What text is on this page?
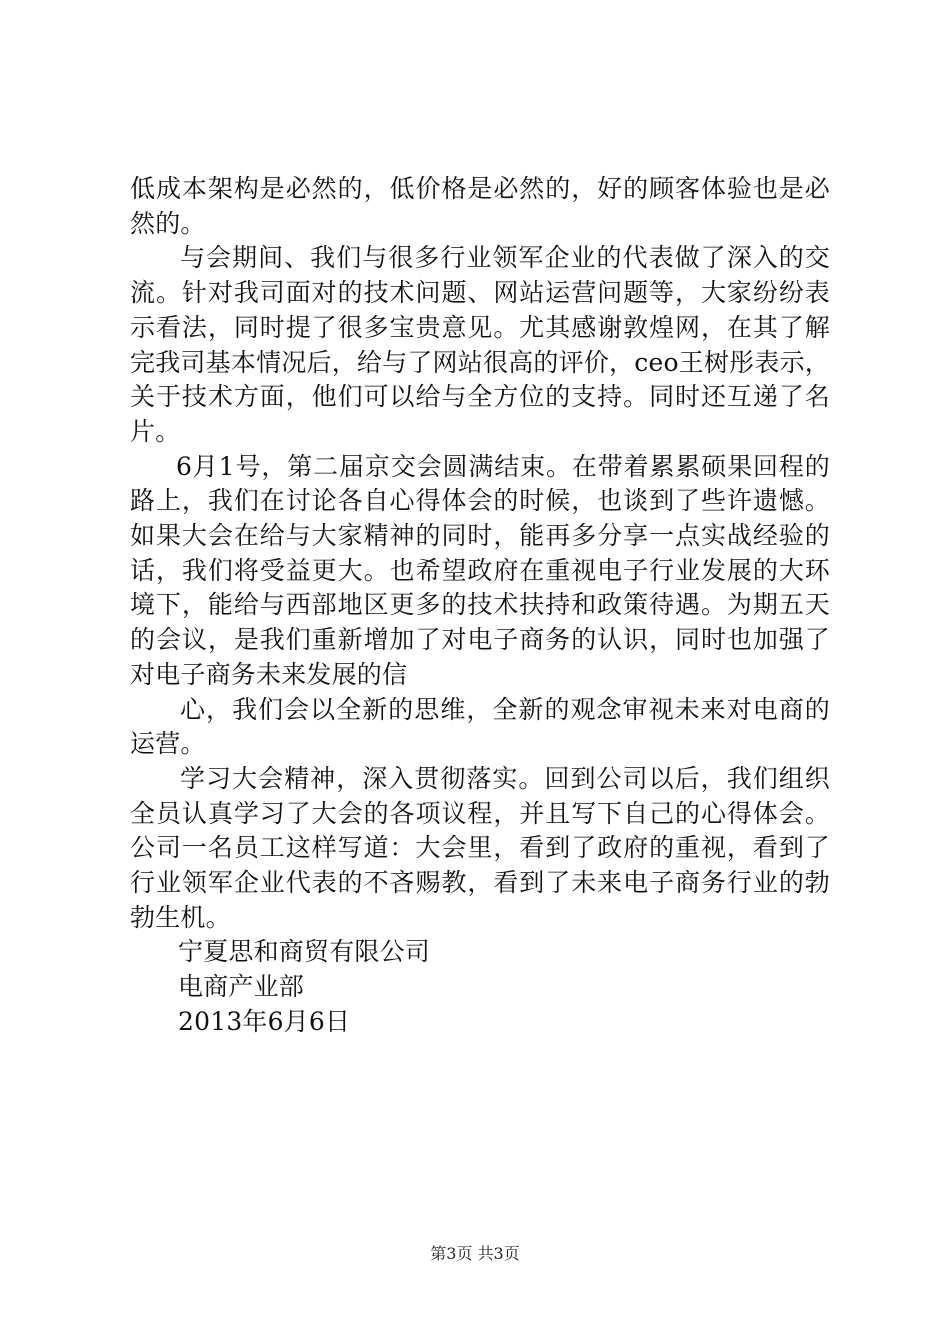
低成本架构是必然的，低价格是必然的，好的顾客体验也是必然的。

与会期间、我们与很多行业领军企业的代表做了深入的交流。针对我司面对的技术问题、网站运营问题等，大家纷纷表示看法，同时提了很多宝贵意见。尤其感谢敦煌网，在其了解完我司基本情况后，给与了网站很高的评价，ceo王树彤表示，关于技术方面，他们可以给与全方位的支持。同时还互递了名片。

6月1号，第二届京交会圆满结束。在带着累累硕果回程的路上，我们在讨论各自心得体会的时候，也谈到了些许遗憾。如果大会在给与大家精神的同时，能再多分享一点实战经验的话，我们将受益更大。也希望政府在重视电子行业发展的大环境下，能给与西部地区更多的技术扶持和政策待遇。为期五天的会议，是我们重新增加了对电子商务的认识，同时也加强了对电子商务未来发展的信

心，我们会以全新的思维，全新的观念审视未来对电商的运营。

学习大会精神，深入贯彻落实。回到公司以后，我们组织全员认真学习了大会的各项议程，并且写下自己的心得体会。公司一名员工这样写道：大会里，看到了政府的重视，看到了行业领军企业代表的不吝赐教，看到了未来电子商务行业的勃勃生机。

宁夏思和商贸有限公司

电商产业部

2013年6月6日

第3页 共3页
